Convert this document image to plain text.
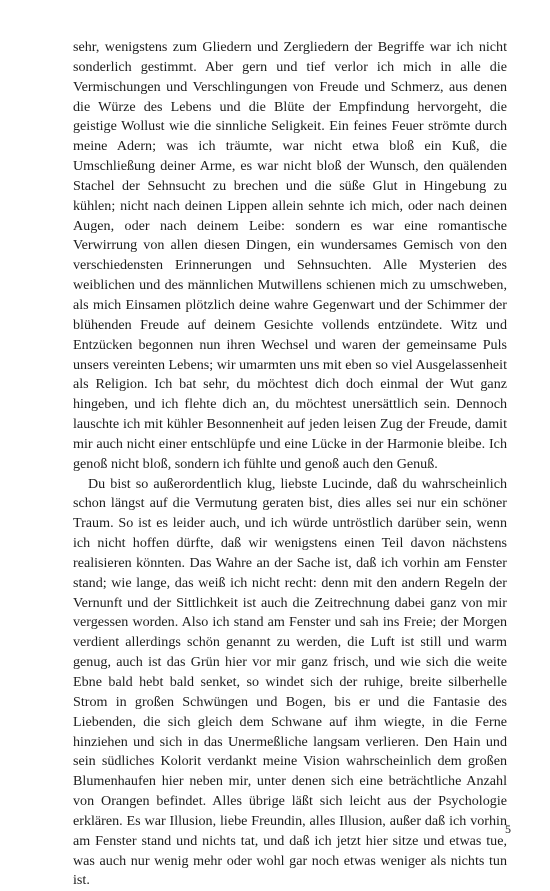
sehr, wenigstens zum Gliedern und Zergliedern der Begriffe war ich nicht sonderlich gestimmt. Aber gern und tief verlor ich mich in alle die Vermischungen und Verschlingungen von Freude und Schmerz, aus denen die Würze des Lebens und die Blüte der Empfindung hervorgeht, die geistige Wollust wie die sinnliche Seligkeit. Ein feines Feuer strömte durch meine Adern; was ich träumte, war nicht etwa bloß ein Kuß, die Umschließung deiner Arme, es war nicht bloß der Wunsch, den quälenden Stachel der Sehnsucht zu brechen und die süße Glut in Hingebung zu kühlen; nicht nach deinen Lippen allein sehnte ich mich, oder nach deinen Augen, oder nach deinem Leibe: sondern es war eine romantische Verwirrung von allen diesen Dingen, ein wundersames Gemisch von den verschiedensten Erinnerungen und Sehnsuchten. Alle Mysterien des weiblichen und des männlichen Mutwillens schienen mich zu umschweben, als mich Einsamen plötzlich deine wahre Gegenwart und der Schimmer der blühenden Freude auf deinem Gesichte vollends entzündete. Witz und Entzücken begonnen nun ihren Wechsel und waren der gemeinsame Puls unsers vereinten Lebens; wir umarmten uns mit eben so viel Ausgelassenheit als Religion. Ich bat sehr, du möchtest dich doch einmal der Wut ganz hingeben, und ich flehte dich an, du möchtest unersättlich sein. Dennoch lauschte ich mit kühler Besonnenheit auf jeden leisen Zug der Freude, damit mir auch nicht einer entschlüpfe und eine Lücke in der Harmonie bleibe. Ich genoß nicht bloß, sondern ich fühlte und genoß auch den Genuß.

Du bist so außerordentlich klug, liebste Lucinde, daß du wahrscheinlich schon längst auf die Vermutung geraten bist, dies alles sei nur ein schöner Traum. So ist es leider auch, und ich würde untröstlich darüber sein, wenn ich nicht hoffen dürfte, daß wir wenigstens einen Teil davon nächstens realisieren könnten. Das Wahre an der Sache ist, daß ich vorhin am Fenster stand; wie lange, das weiß ich nicht recht: denn mit den andern Regeln der Vernunft und der Sittlichkeit ist auch die Zeitrechnung dabei ganz von mir vergessen worden. Also ich stand am Fenster und sah ins Freie; der Morgen verdient allerdings schön genannt zu werden, die Luft ist still und warm genug, auch ist das Grün hier vor mir ganz frisch, und wie sich die weite Ebne bald hebt bald senket, so windet sich der ruhige, breite silberhelle Strom in großen Schwüngen und Bogen, bis er und die Fantasie des Liebenden, die sich gleich dem Schwane auf ihm wiegte, in die Ferne hinziehen und sich in das Unermeßliche langsam verlieren. Den Hain und sein südliches Kolorit verdankt meine Vision wahrscheinlich dem großen Blumenhaufen hier neben mir, unter denen sich eine beträchtliche Anzahl von Orangen befindet. Alles übrige läßt sich leicht aus der Psychologie erklären. Es war Illusion, liebe Freundin, alles Illusion, außer daß ich vorhin am Fenster stand und nichts tat, und daß ich jetzt hier sitze und etwas tue, was auch nur wenig mehr oder wohl gar noch etwas weniger als nichts tun ist.

5
